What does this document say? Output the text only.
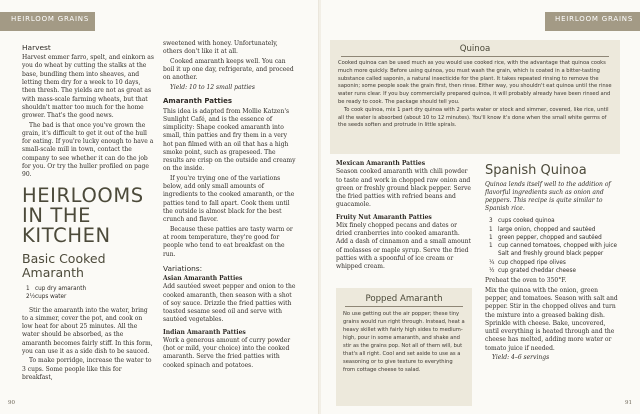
HEIRLOOM GRAINS
Harvest

Harvest emmer farro, spelt, and einkorn as you do wheat by cutting the stalks at the base, bundling them into sheaves, and letting them dry for a week to 10 days, then thresh. The yields are not as great as with mass-scale farming wheats, but that shouldn't matter too much for the home grower. That's the good news.

The bad is that once you've grown the grain, it's difficult to get it out of the hull for eating. If you're lucky enough to have a small-scale mill in town, contact the company to see whether it can do the job for you. Or try the huller profiled on page 90.

HEIRLOOMS IN THE KITCHEN
Basic Cooked Amaranth
1 cup dry amaranth
2½ cups water

Stir the amaranth into the water, bring to a simmer, cover the pot, and cook on low heat for about 25 minutes. All the water should be absorbed, as the amaranth becomes fairly stiff. In this form, you can use it as a side dish to be sauced.

To make porridge, increase the water to 3 cups. Some people like this for breakfast,

sweetened with honey. Unfortunately, others don't like it at all.

Cooked amaranth keeps well. You can boil it up one day, refrigerate, and proceed on another.

Yield: 10 to 12 small patties

Amaranth Patties

This idea is adapted from Mollie Katzen's Sunlight Café, and is the essence of simplicity: Shape cooked amaranth into small, thin patties and fry them in a very hot pan filmed with an oil that has a high smoke point, such as grapeseed. The results are crisp on the outside and creamy on the inside.

If you're trying one of the variations below, add only small amounts of ingredients to the cooked amaranth, or the patties tend to fall apart. Cook them until the outside is almost black for the best crunch and flavor.

Because these patties are tasty warm or at room temperature, they're good for people who tend to eat breakfast on the run.

Variations:
Asian Amaranth Patties

Add sautéed sweet pepper and onion to the cooked amaranth, then season with a shot of soy sauce. Drizzle the fried patties with toasted sesame seed oil and serve with sautéed vegetables.

Indian Amaranth Patties

Work a generous amount of curry powder (hot or mild, your choice) into the cooked amaranth. Serve the fried patties with cooked spinach and potatoes.

90
HEIRLOOM GRAINS
Quinoa

Cooked quinoa can be used much as you would use cooked rice, with the advantage that quinoa cooks much more quickly. Before using quinoa, you must wash the grain, which is coated in a bitter-tasting substance called saponin, a natural insecticide for the plant. It takes repeated rinsing to remove the saponin; some people soak the grain first, then rinse. Either way, you shouldn't eat quinoa until the rinse water runs clear. If you buy commercially prepared quinoa, it will probably already have been rinsed and be ready to cook. The package should tell you.

To cook quinoa, mix 1 part dry quinoa with 2 parts water or stock and simmer, covered, like rice, until all the water is absorbed (about 10 to 12 minutes). You'll know it's done when the small white germs of the seeds soften and protrude in little spirals.

Mexican Amaranth Patties

Season cooked amaranth with chili powder to taste and work in chopped raw onion and green or freshly ground black pepper. Serve the fried patties with refried beans and guacamole.

Fruity Nut Amaranth Patties

Mix finely chopped pecans and dates or dried cranberries into cooked amaranth. Add a dash of cinnamon and a small amount of molasses or maple syrup. Serve the fried patties with a spoonful of ice cream or whipped cream.

Popped Amaranth

No use getting out the air popper; these tiny grains would run right through. Instead, heat a heavy skillet with fairly high sides to medium-high, pour in some amaranth, and shake and stir as the grains pop. Not all of them will, but that's all right. Cool and set aside to use as a seasoning or to give texture to everything from cottage cheese to salad.

Spanish Quinoa
Quinoa lends itself well to the addition of flavorful ingredients such as onion and peppers. This recipe is quite similar to Spanish rice.
3 cups cooked quinoa
1 large onion, chopped and sautéed
1 green pepper, chopped and sautéed
1 cup canned tomatoes, chopped with juice
Salt and freshly ground black pepper
¼ cup chopped ripe olives
½ cup grated cheddar cheese

Preheat the oven to 350°F.

Mix the quinoa with the onion, green pepper, and tomatoes. Season with salt and pepper. Stir in the chopped olives and turn the mixture into a greased baking dish. Sprinkle with cheese. Bake, uncovered, until everything is heated through and the cheese has melted, adding more water or tomato juice if needed.

Yield: 4–6 servings

91
